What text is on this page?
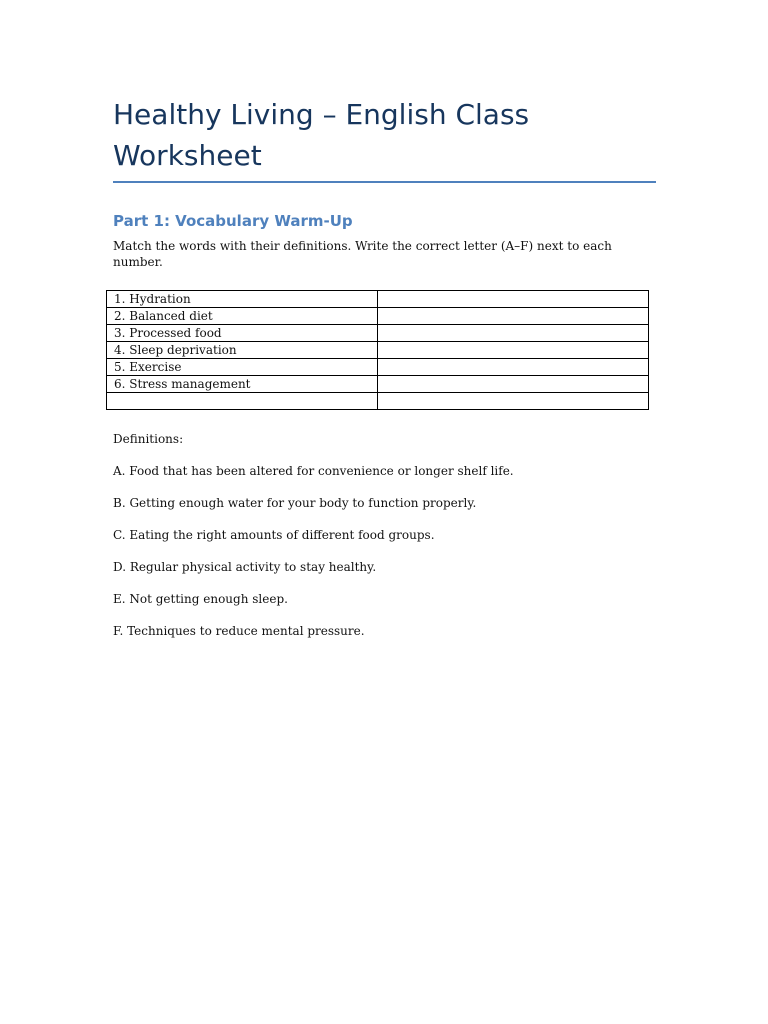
Healthy Living – English Class Worksheet
Part 1: Vocabulary Warm-Up
Match the words with their definitions. Write the correct letter (A–F) next to each number.
1. Hydration	
2. Balanced diet	
3. Processed food	
4. Sleep deprivation	
5. Exercise	
6. Stress management	

Definitions:

A. Food that has been altered for convenience or longer shelf life.

B. Getting enough water for your body to function properly.

C. Eating the right amounts of different food groups.

D. Regular physical activity to stay healthy.

E. Not getting enough sleep.

F. Techniques to reduce mental pressure.
